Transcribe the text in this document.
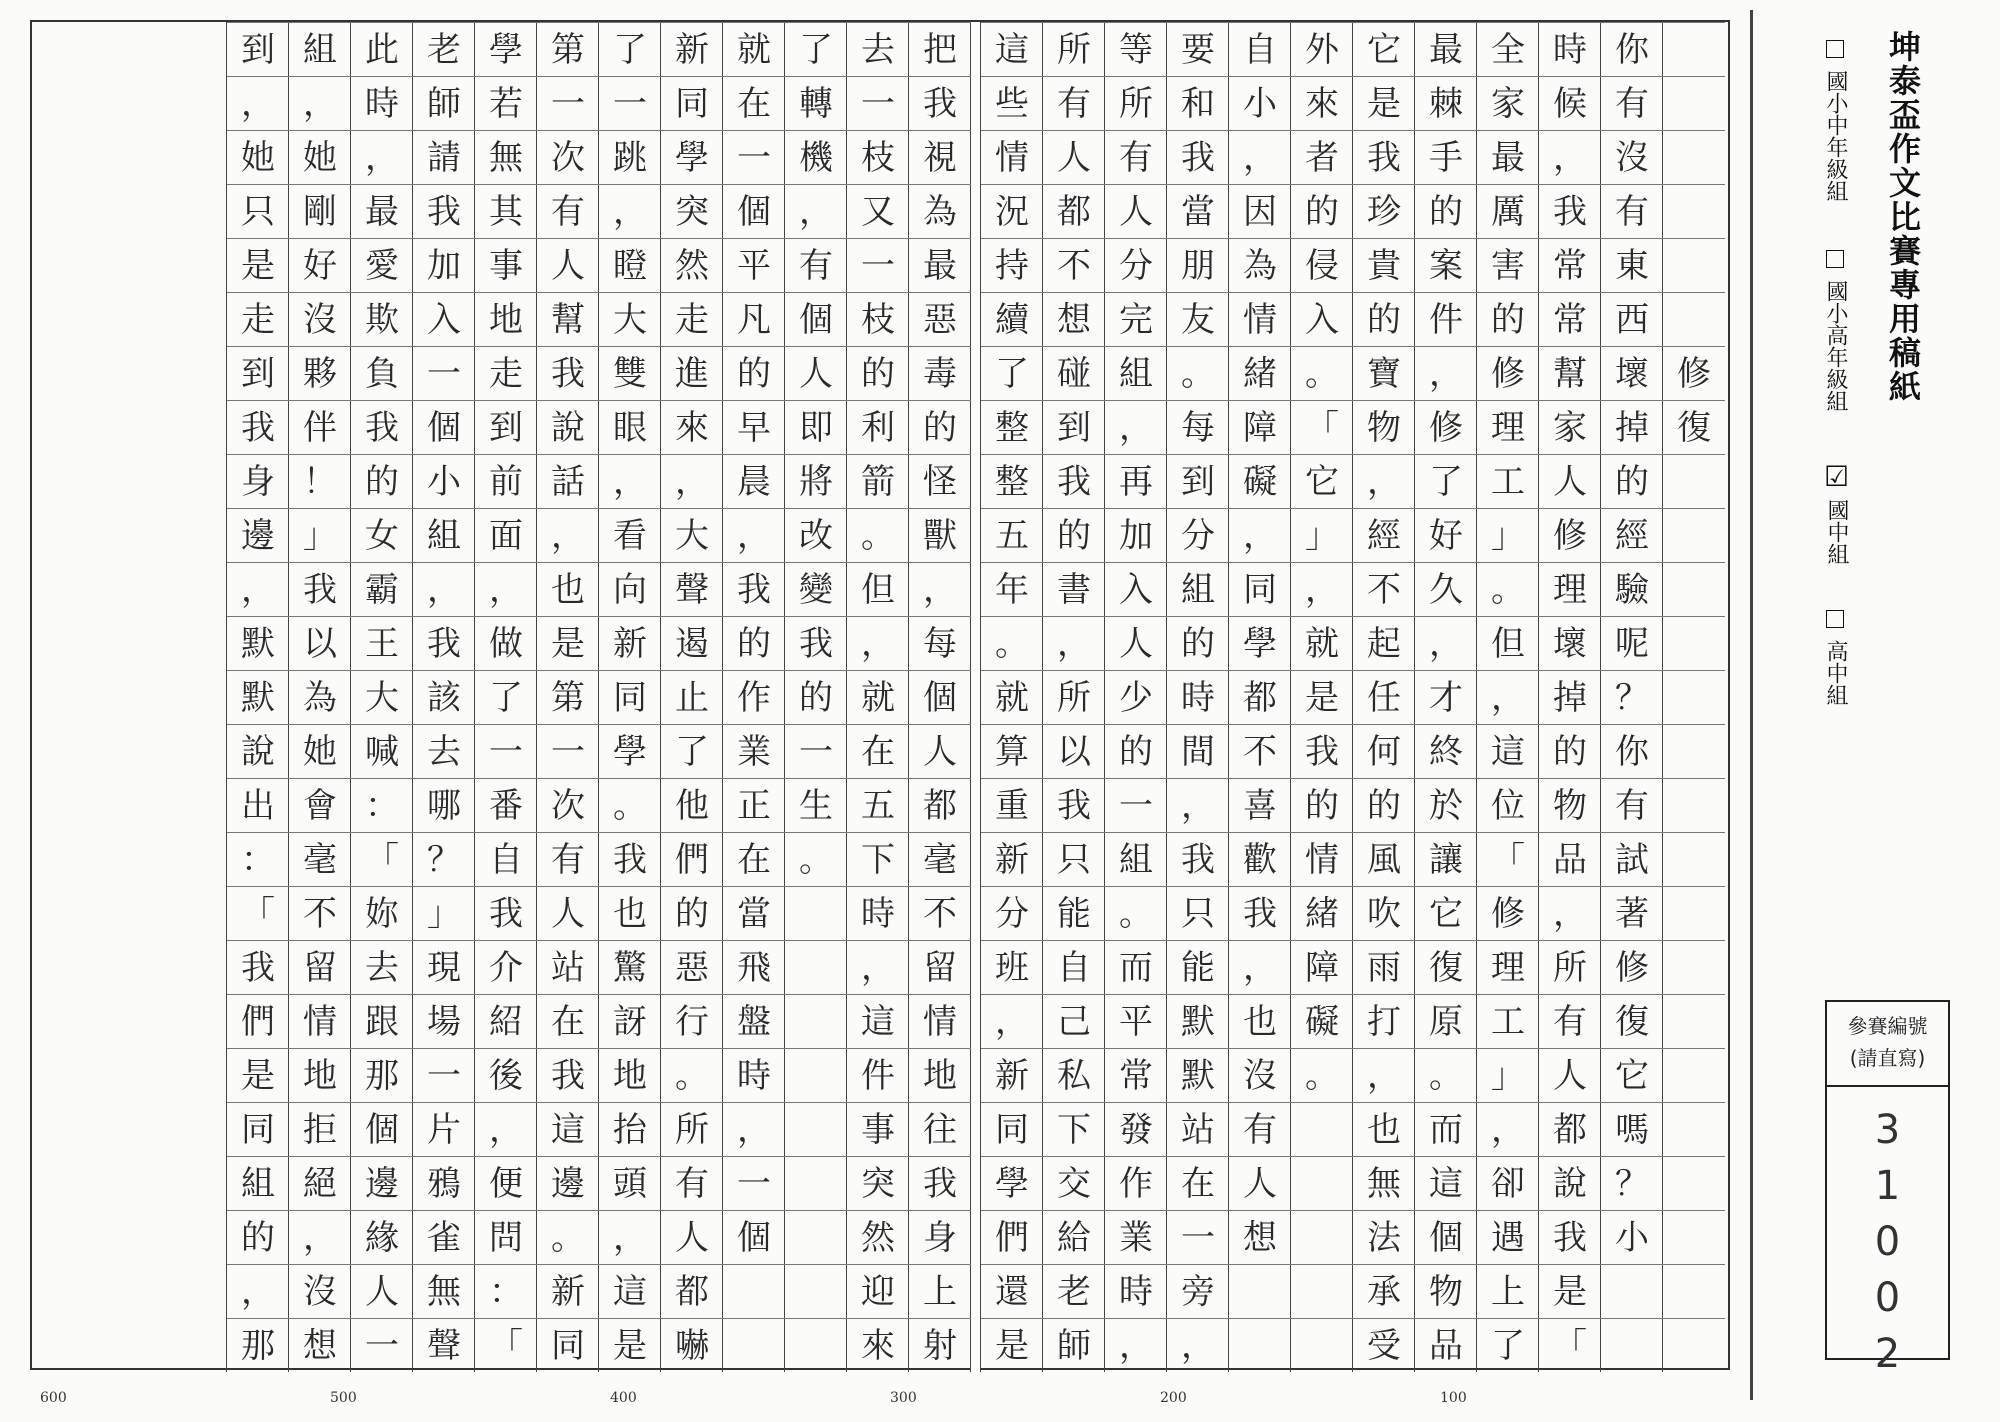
修
復
你
有
沒
有
東
西
壞
掉
的
經
驗
呢
？
你
有
試
著
修
復
它
嗎
？
小
時
候
，
我
常
常
幫
家
人
修
理
壞
掉
的
物
品
，
所
有
人
都
說
我
是
「
全
家
最
厲
害
的
修
理
工
」
。
但
，
這
位
「
修
理
工
」
，
卻
遇
上
了
最
棘
手
的
案
件
，
修
了
好
久
，
才
終
於
讓
它
復
原
。
而
這
個
物
品
它
是
我
珍
貴
的
寶
物
，
經
不
起
任
何
的
風
吹
雨
打
，
也
無
法
承
受
外
來
者
的
侵
入
。
「
它
」
，
就
是
我
的
情
緒
障
礙
。
自
小
，
因
為
情
緒
障
礙
，
同
學
都
不
喜
歡
我
，
也
沒
有
人
想
要
和
我
當
朋
友
。
每
到
分
組
的
時
間
，
我
只
能
默
默
站
在
一
旁
，
等
所
有
人
分
完
組
，
再
加
入
人
少
的
一
組
。
而
平
常
發
作
業
時
，
所
有
人
都
不
想
碰
到
我
的
書
，
所
以
我
只
能
自
己
私
下
交
給
老
師
這
些
情
況
持
續
了
整
整
五
年
。
就
算
重
新
分
班
，
新
同
學
們
還
是
把
我
視
為
最
惡
毒
的
怪
獸
，
每
個
人
都
毫
不
留
情
地
往
我
身
上
射
去
一
枝
又
一
枝
的
利
箭
。
但
，
就
在
五
下
時
，
這
件
事
突
然
迎
來
了
轉
機
，
有
個
人
即
將
改
變
我
的
一
生
。
就
在
一
個
平
凡
的
早
晨
，
我
的
作
業
正
在
當
飛
盤
時
，
一
個
新
同
學
突
然
走
進
來
，
大
聲
遏
止
了
他
們
的
惡
行
。
所
有
人
都
嚇
了
一
跳
，
瞪
大
雙
眼
，
看
向
新
同
學
。
我
也
驚
訝
地
抬
頭
，
這
是
第
一
次
有
人
幫
我
說
話
，
也
是
第
一
次
有
人
站
在
我
這
邊
。
新
同
學
若
無
其
事
地
走
到
前
面
，
做
了
一
番
自
我
介
紹
後
，
便
問
：
「
老
師
請
我
加
入
一
個
小
組
，
我
該
去
哪
？
」
現
場
一
片
鴉
雀
無
聲
此
時
，
最
愛
欺
負
我
的
女
霸
王
大
喊
：
「
妳
去
跟
那
個
邊
緣
人
一
組
，
她
剛
好
沒
夥
伴
！
」
我
以
為
她
會
毫
不
留
情
地
拒
絕
，
沒
想
到
，
她
只
是
走
到
我
身
邊
，
默
默
說
出
：
「
我
們
是
同
組
的
，
那
600	500	400	300	200	100
坤泰盃作文比賽專用稿紙
國小中年級組
國小高年級組
☑國中組
高中組
參賽編號
(請直寫)
3
1
0
0
2
